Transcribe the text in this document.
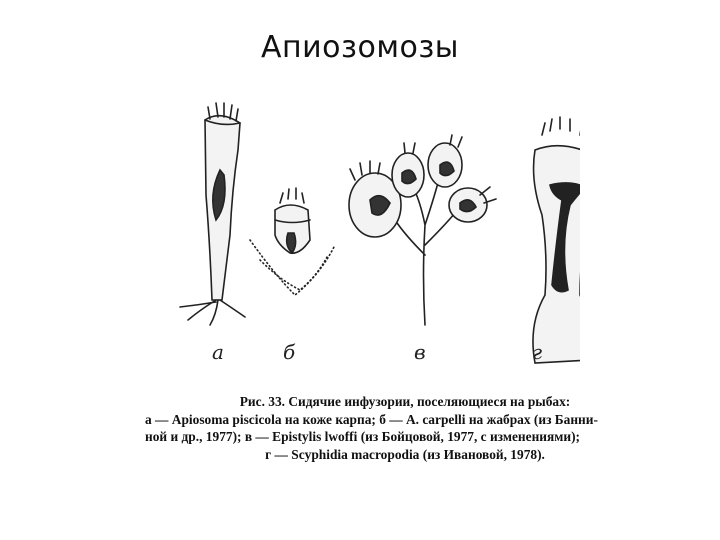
Апиозомозы
а	б	в	г
Рис. 33. Сидячие инфузории, поселяющиеся на рыбах:
а — Apiosoma piscicola на коже карпа; б — A. carpelli на жабрах (из Банни-
ной и др., 1977); в — Epistylis lwoffi (из Бойцовой, 1977, с изменениями);
г — Scyphidia macropodia (из Ивановой, 1978).
